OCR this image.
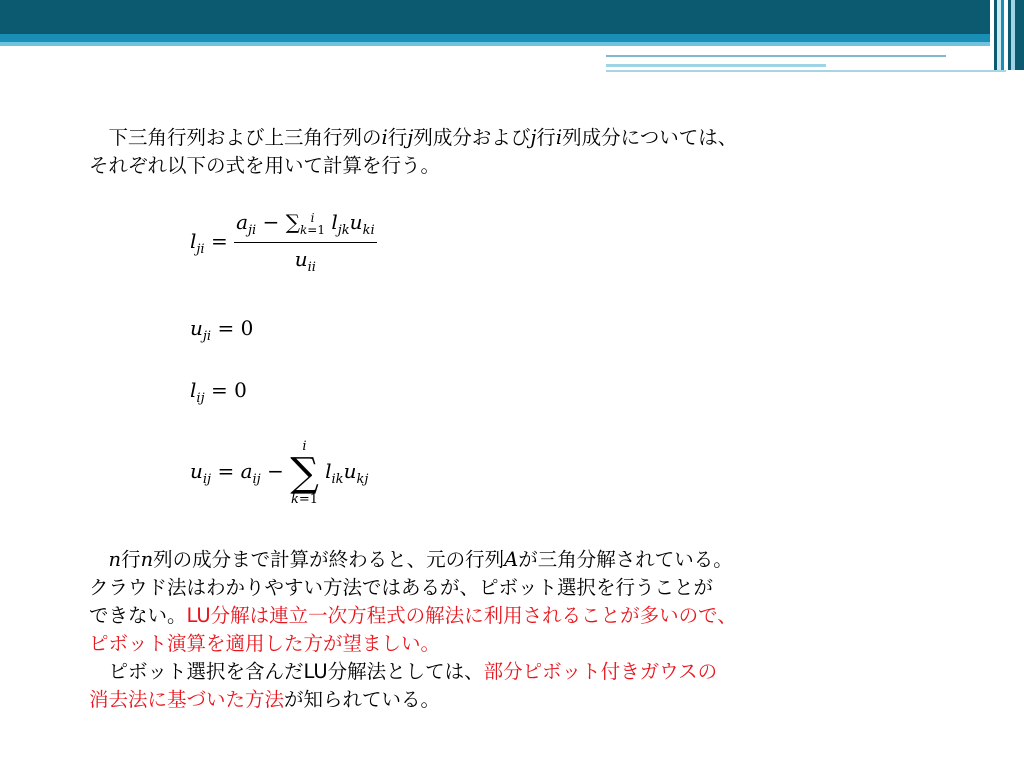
 下三角行列および上三角行列のi行j列成分およびj行i列成分については、
それぞれ以下の式を用いて計算を行う。
$l_{ji} = a_{ji}$ − ∑ i
k=1 $l_{jk}u_{ki}$
$u_{ii}$
$u_{ji} = 0$
$l_{ij} = 0$
$u_{ij} = a_{ij}$ −
i
∑
k=1
$l_{ik}u_{kj}$
 n行n列の成分まで計算が終わると、元の行列Aが三角分解されている。
クラウド法はわかりやすい方法ではあるが、ピボット選択を行うことが
できない。LU分解は連立一次方程式の解法に利用されることが多いので、
ピボット演算を適用した方が望ましい。
 ピボット選択を含んだLU分解法としては、部分ピボット付きガウスの
消去法に基づいた方法が知られている。
